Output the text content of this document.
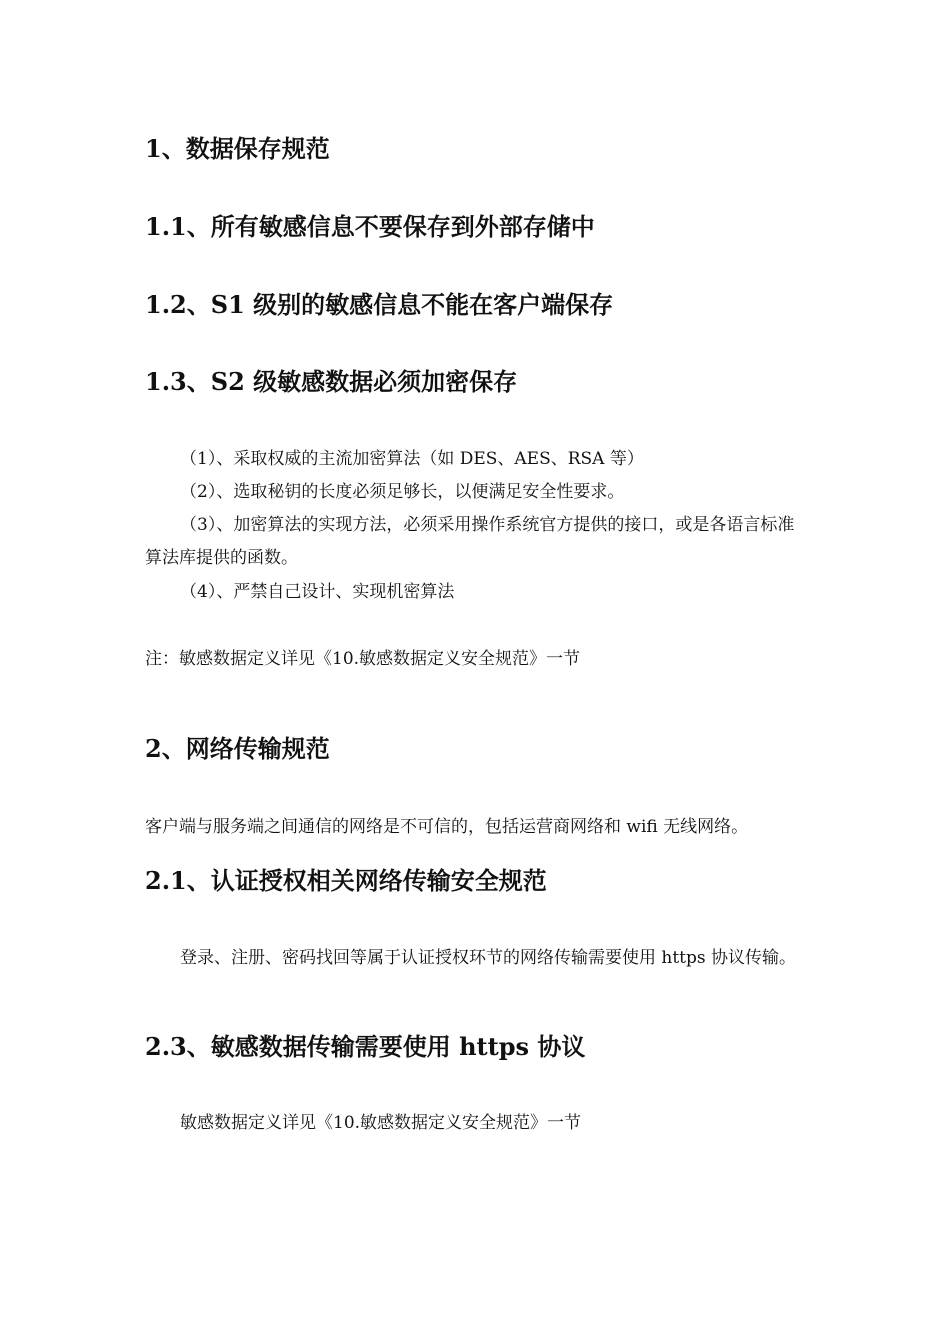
1、数据保存规范
1.1、所有敏感信息不要保存到外部存储中
1.2、S1 级别的敏感信息不能在客户端保存
1.3、S2 级敏感数据必须加密保存

（1）、采取权威的主流加密算法（如 DES、AES、RSA 等）

（2）、选取秘钥的长度必须足够长，以便满足安全性要求。

（3）、加密算法的实现方法，必须采用操作系统官方提供的接口，或是各语言标准算法库提供的函数。

（4）、严禁自己设计、实现机密算法

注：敏感数据定义详见《10.敏感数据定义安全规范》一节

2、网络传输规范

客户端与服务端之间通信的网络是不可信的，包括运营商网络和 wifi 无线网络。

2.1、认证授权相关网络传输安全规范

登录、注册、密码找回等属于认证授权环节的网络传输需要使用 https 协议传输。

2.3、敏感数据传输需要使用 https 协议

敏感数据定义详见《10.敏感数据定义安全规范》一节
